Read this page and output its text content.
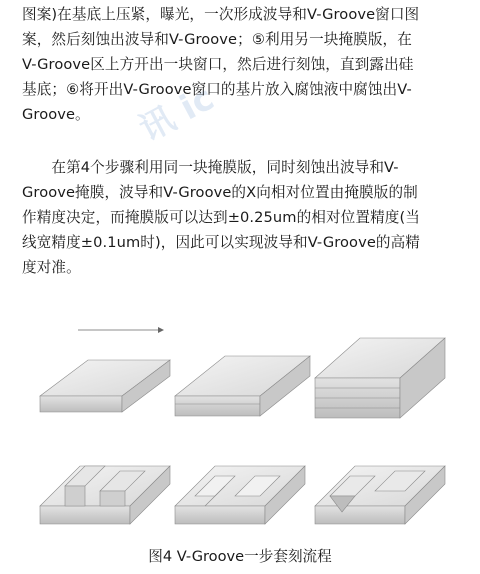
讯 ic

图案)在基底上压紧，曝光，一次形成波导和V-Groove窗口图
案，然后刻蚀出波导和V-Groove；⑤利用另一块掩膜版，在
V-Groove区上方开出一块窗口，然后进行刻蚀，直到露出硅
基底；⑥将开出V-Groove窗口的基片放入腐蚀液中腐蚀出V-
Groove。

　　在第4个步骤利用同一块掩膜版，同时刻蚀出波导和V-
Groove掩膜，波导和V-Groove的X向相对位置由掩膜版的制
作精度决定，而掩膜版可以达到±0.25um的相对位置精度(当
线宽精度±0.1um时)，因此可以实现波导和V-Groove的高精
度对准。

图4 V-Groove一步套刻流程
